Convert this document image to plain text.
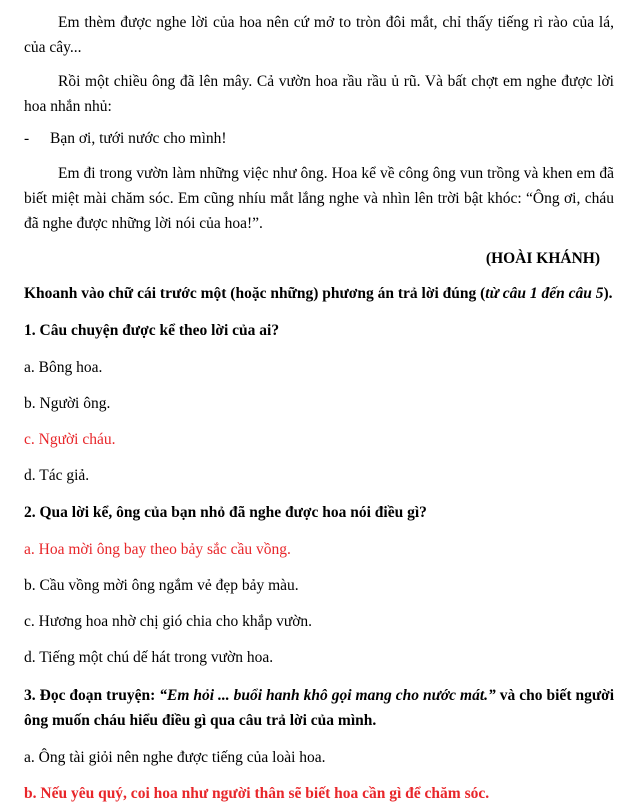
Em thèm được nghe lời của hoa nên cứ mở to tròn đôi mắt, chỉ thấy tiếng rì rào của lá, của cây...

Rồi một chiều ông đã lên mây. Cả vườn hoa rầu rầu ủ rũ. Và bất chợt em nghe được lời hoa nhắn nhủ:

-	Bạn ơi, tưới nước cho mình!

Em đi trong vườn làm những việc như ông. Hoa kể về công ông vun trồng và khen em đã biết miệt mài chăm sóc. Em cũng nhíu mắt lắng nghe và nhìn lên trời bật khóc: “Ông ơi, cháu đã nghe được những lời nói của hoa!”.

(HOÀI KHÁNH)
Khoanh vào chữ cái trước một (hoặc những) phương án trả lời đúng (từ câu 1 đến câu 5).
1. Câu chuyện được kể theo lời của ai?
a. Bông hoa.
b. Người ông.
c. Người cháu.
d. Tác giả.
2. Qua lời kể, ông của bạn nhỏ đã nghe được hoa nói điều gì?
a. Hoa mời ông bay theo bảy sắc cầu vồng.
b. Cầu vồng mời ông ngắm vẻ đẹp bảy màu.
c. Hương hoa nhờ chị gió chia cho khắp vườn.
d. Tiếng một chú dế hát trong vườn hoa.
3. Đọc đoạn truyện: “Em hỏi ... buổi hanh khô gọi mang cho nước mát.” và cho biết người ông muốn cháu hiểu điều gì qua câu trả lời của mình.
a. Ông tài giỏi nên nghe được tiếng của loài hoa.
b. Nếu yêu quý, coi hoa như người thân sẽ biết hoa cần gì để chăm sóc.
